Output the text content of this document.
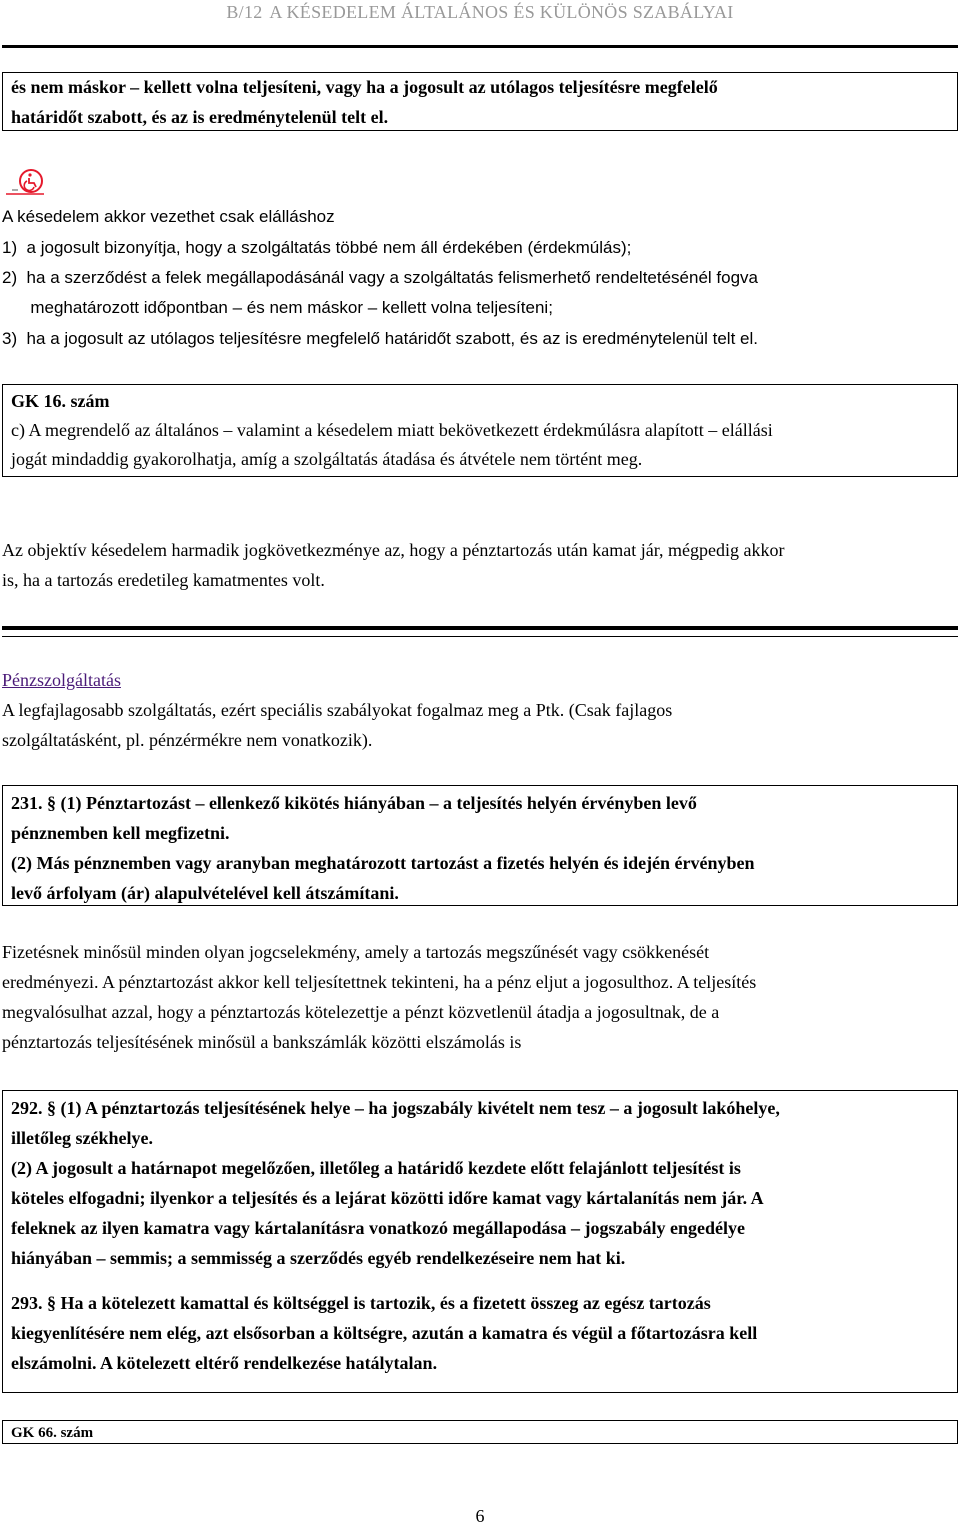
B/12 A KÉSEDELEM ÁLTALÁNOS ÉS KÜLÖNÖS SZABÁLYAI
és nem máskor – kellett volna teljesíteni, vagy ha a jogosult az utólagos teljesítésre megfelelő
határidőt szabott, és az is eredménytelenül telt el.
A késedelem akkor vezethet csak elálláshoz
1)  a jogosult bizonyítja, hogy a szolgáltatás többé nem áll érdekében (érdekmúlás);
2)  ha a szerződést a felek megállapodásánál vagy a szolgáltatás felismerhető rendeltetésénél fogva
meghatározott időpontban – és nem máskor – kellett volna teljesíteni;
3)  ha a jogosult az utólagos teljesítésre megfelelő határidőt szabott, és az is eredménytelenül telt el.
GK 16. szám
c) A megrendelő az általános – valamint a késedelem miatt bekövetkezett érdekmúlásra alapított – elállási
jogát mindaddig gyakorolhatja, amíg a szolgáltatás átadása és átvétele nem történt meg.
Az objektív késedelem harmadik jogkövetkezménye az, hogy a pénztartozás után kamat jár, mégpedig akkor
is, ha a tartozás eredetileg kamatmentes volt.
Pénzszolgáltatás
A legfajlagosabb szolgáltatás, ezért speciális szabályokat fogalmaz meg a Ptk. (Csak fajlagos
szolgáltatásként, pl. pénzérmékre nem vonatkozik).
231. § (1) Pénztartozást – ellenkező kikötés hiányában – a teljesítés helyén érvényben levő
pénznemben kell megfizetni.
(2) Más pénznemben vagy aranyban meghatározott tartozást a fizetés helyén és idején érvényben
levő árfolyam (ár) alapulvételével kell átszámítani.
Fizetésnek minősül minden olyan jogcselekmény, amely a tartozás megszűnését vagy csökkenését
eredményezi. A pénztartozást akkor kell teljesítettnek tekinteni, ha a pénz eljut a jogosulthoz. A teljesítés
megvalósulhat azzal, hogy a pénztartozás kötelezettje a pénzt közvetlenül átadja a jogosultnak, de a
pénztartozás teljesítésének minősül a bankszámlák közötti elszámolás is
292. § (1) A pénztartozás teljesítésének helye – ha jogszabály kivételt nem tesz – a jogosult lakóhelye,
illetőleg székhelye.
(2) A jogosult a határnapot megelőzően, illetőleg a határidő kezdete előtt felajánlott teljesítést is
köteles elfogadni; ilyenkor a teljesítés és a lejárat közötti időre kamat vagy kártalanítás nem jár. A
feleknek az ilyen kamatra vagy kártalanításra vonatkozó megállapodása – jogszabály engedélye
hiányában – semmis; a semmisség a szerződés egyéb rendelkezéseire nem hat ki.
293. § Ha a kötelezett kamattal és költséggel is tartozik, és a fizetett összeg az egész tartozás
kiegyenlítésére nem elég, azt elsősorban a költségre, azután a kamatra és végül a főtartozásra kell
elszámolni. A kötelezett eltérő rendelkezése hatálytalan.
GK 66. szám
6
